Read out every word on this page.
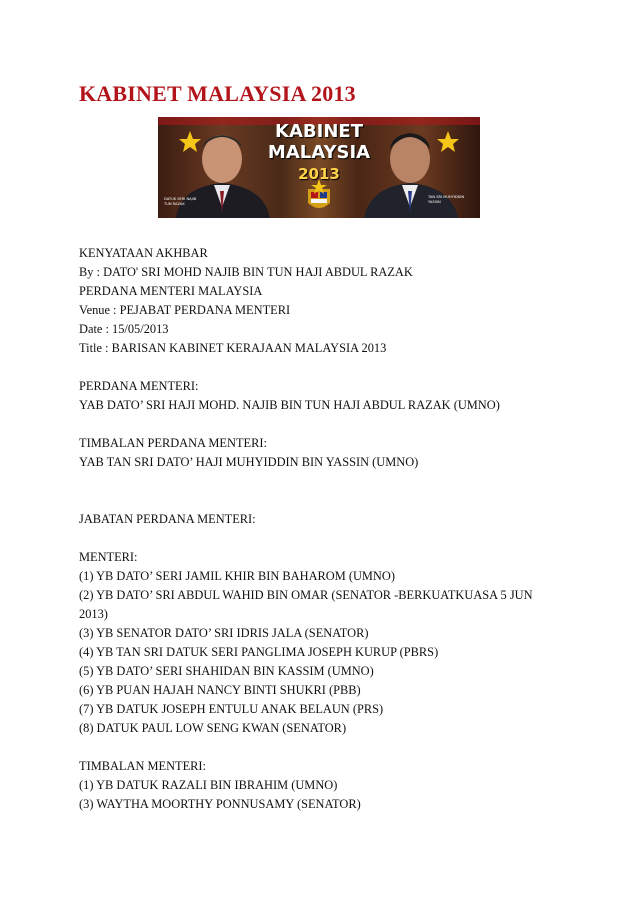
KABINET MALAYSIA 2013
KABINET
MALAYSIA
2013
DATUK SERI NAJIB TUN RAZAK
TAN SRI MUHYIDDIN YASSIN

KENYATAAN AKHBAR

By : DATO' SRI MOHD NAJIB BIN TUN HAJI ABDUL RAZAK

PERDANA MENTERI MALAYSIA

Venue : PEJABAT PERDANA MENTERI

Date : 15/05/2013

Title : BARISAN KABINET KERAJAAN MALAYSIA 2013

PERDANA MENTERI:

YAB DATO’ SRI HAJI MOHD. NAJIB BIN TUN HAJI ABDUL RAZAK (UMNO)

TIMBALAN PERDANA MENTERI:

YAB TAN SRI DATO’ HAJI MUHYIDDIN BIN YASSIN (UMNO)

JABATAN PERDANA MENTERI:

MENTERI:

(1) YB DATO’ SERI JAMIL KHIR BIN BAHAROM (UMNO)

(2) YB DATO’ SRI ABDUL WAHID BIN OMAR (SENATOR -BERKUATKUASA 5 JUN

2013)

(3) YB SENATOR DATO’ SRI IDRIS JALA (SENATOR)

(4) YB TAN SRI DATUK SERI PANGLIMA JOSEPH KURUP (PBRS)

(5) YB DATO’ SERI SHAHIDAN BIN KASSIM (UMNO)

(6) YB PUAN HAJAH NANCY BINTI SHUKRI (PBB)

(7) YB DATUK JOSEPH ENTULU ANAK BELAUN (PRS)

(8) DATUK PAUL LOW SENG KWAN (SENATOR)

TIMBALAN MENTERI:

(1) YB DATUK RAZALI BIN IBRAHIM (UMNO)

(3) WAYTHA MOORTHY PONNUSAMY (SENATOR)
